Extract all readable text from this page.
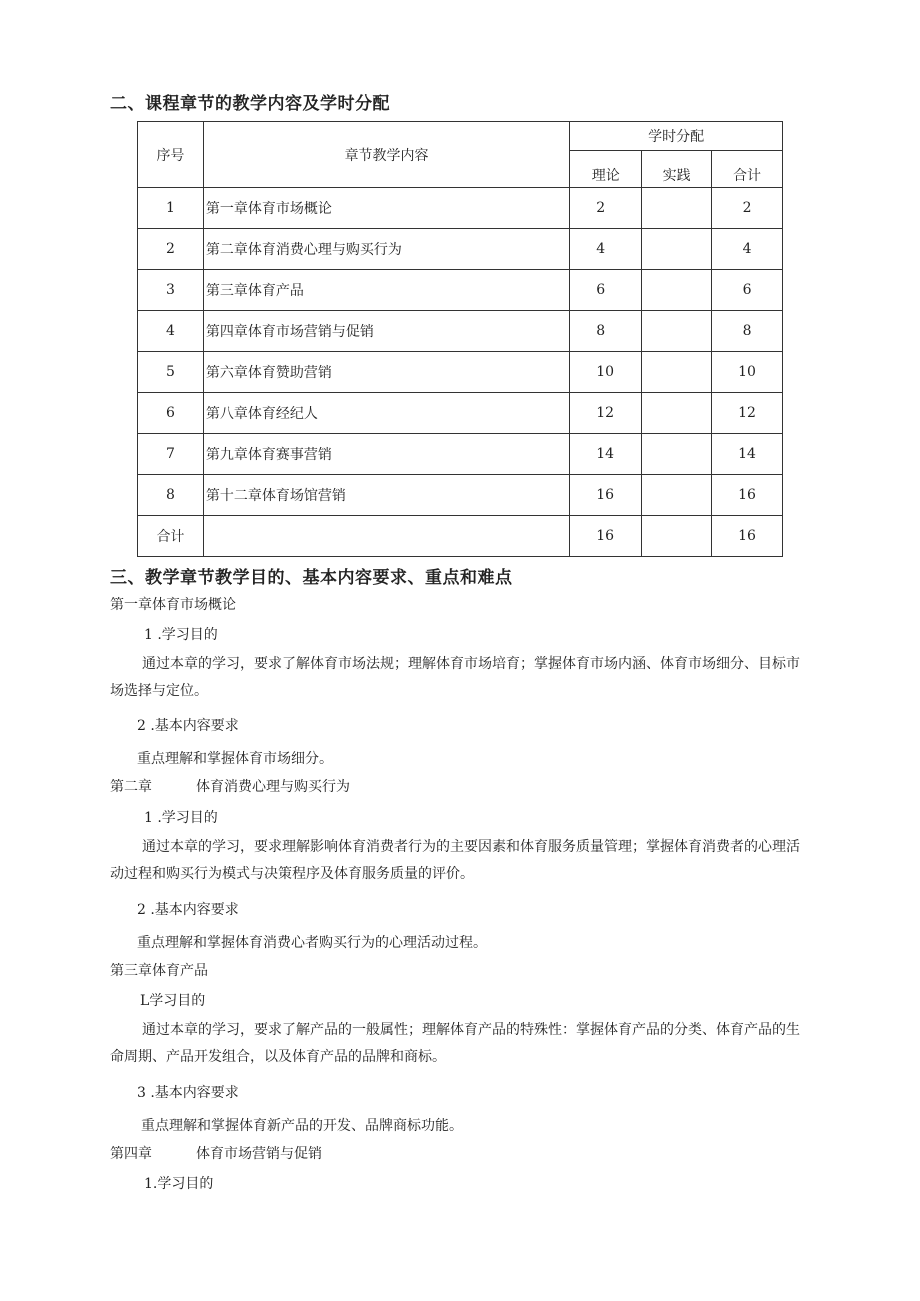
二、课程章节的教学内容及学时分配
序号	章节教学内容	学时分配		
		理论	实践	合计
1	第一章体育市场概论	2		2
2	第二章体育消费心理与购买行为	4		4
3	第三章体育产品	6		6
4	第四章体育市场营销与促销	8		8
5	第六章体育赞助营销	10		10
6	第八章体育经纪人	12		12
7	第九章体育赛事营销	14		14
8	第十二章体育场馆营销	16		16
合计		16		16
三、教学章节教学目的、基本内容要求、重点和难点
第一章体育市场概论
1 .学习目的
通过本章的学习，要求了解体育市场法规；理解体育市场培育；掌握体育市场内涵、体育市场细分、目标市场选择与定位。
2 .基本内容要求
重点理解和掌握体育市场细分。
第二章	体育消费心理与购买行为
1 .学习目的
通过本章的学习，要求理解影响体育消费者行为的主要因素和体育服务质量管理；掌握体育消费者的心理活动过程和购买行为模式与决策程序及体育服务质量的评价。
2 .基本内容要求
重点理解和掌握体育消费心者购买行为的心理活动过程。
第三章体育产品
L学习目的
通过本章的学习，要求了解产品的一般属性；理解体育产品的特殊性：掌握体育产品的分类、体育产品的生命周期、产品开发组合，以及体育产品的品牌和商标。
3 .基本内容要求
重点理解和掌握体育新产品的开发、品牌商标功能。
第四章	体育市场营销与促销
1.学习目的
